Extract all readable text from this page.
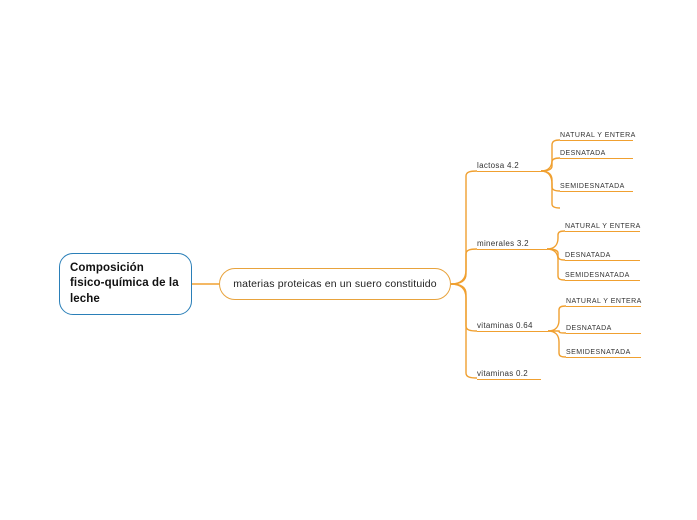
Composición fisico-química de la leche
materias proteicas en un suero constituido
lactosa 4.2
NATURAL Y ENTERA
DESNATADA
SEMIDESNATADA
minerales 3.2
NATURAL Y ENTERA
DESNATADA
SEMIDESNATADA
vitaminas 0.64
NATURAL Y ENTERA
DESNATADA
SEMIDESNATADA
vitaminas 0.2
